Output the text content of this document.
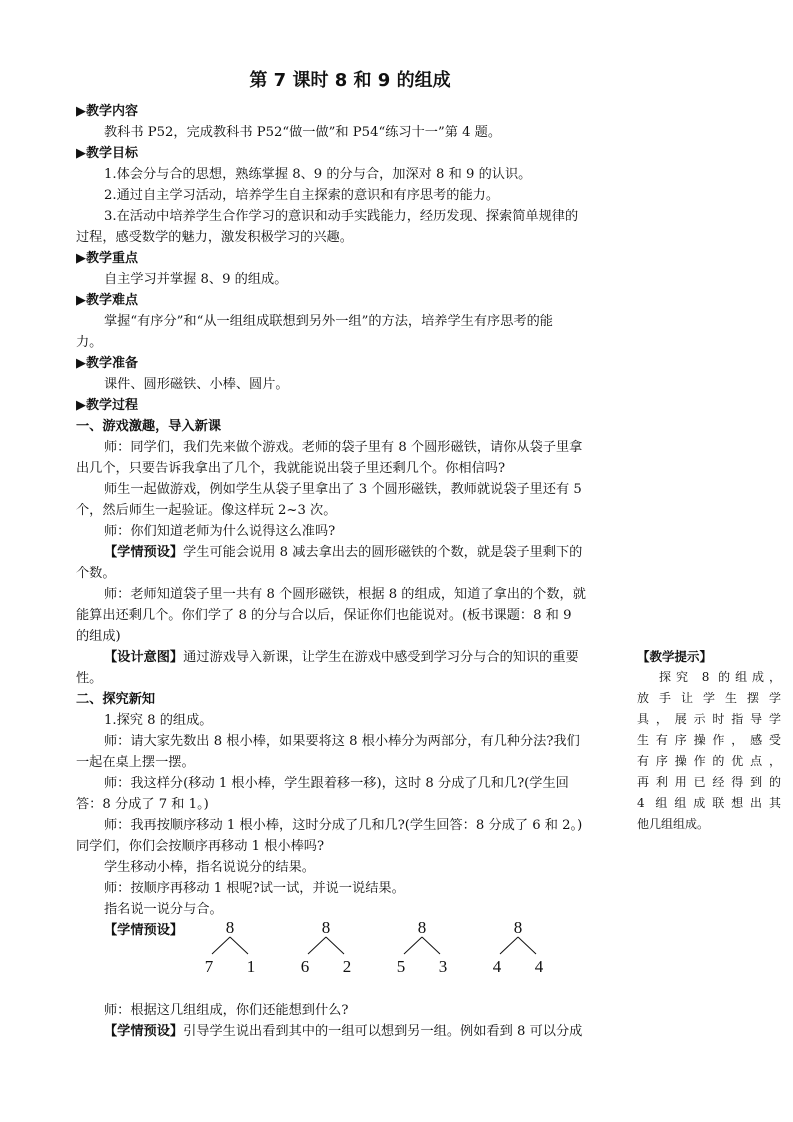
第 7 课时 8 和 9 的组成
▶教学内容
教科书 P52，完成教科书 P52“做一做”和 P54“练习十一”第 4 题。
▶教学目标
1.体会分与合的思想，熟练掌握 8、9 的分与合，加深对 8 和 9 的认识。
2.通过自主学习活动，培养学生自主探索的意识和有序思考的能力。
3.在活动中培养学生合作学习的意识和动手实践能力，经历发现、探索简单规律的
过程，感受数学的魅力，激发积极学习的兴趣。
▶教学重点
自主学习并掌握 8、9 的组成。
▶教学难点
掌握“有序分”和“从一组组成联想到另外一组”的方法，培养学生有序思考的能
力。
▶教学准备
课件、圆形磁铁、小棒、圆片。
▶教学过程
一、游戏激趣，导入新课
师：同学们，我们先来做个游戏。老师的袋子里有 8 个圆形磁铁，请你从袋子里拿
出几个，只要告诉我拿出了几个，我就能说出袋子里还剩几个。你相信吗?
师生一起做游戏，例如学生从袋子里拿出了 3 个圆形磁铁，教师就说袋子里还有 5
个，然后师生一起验证。像这样玩 2~3 次。
师：你们知道老师为什么说得这么准吗?
【学情预设】学生可能会说用 8 减去拿出去的圆形磁铁的个数，就是袋子里剩下的
个数。
师：老师知道袋子里一共有 8 个圆形磁铁，根据 8 的组成，知道了拿出的个数，就
能算出还剩几个。你们学了 8 的分与合以后，保证你们也能说对。(板书课题：8 和 9
的组成)
【设计意图】通过游戏导入新课，让学生在游戏中感受到学习分与合的知识的重要
性。
二、探究新知
1.探究 8 的组成。
师：请大家先数出 8 根小棒，如果要将这 8 根小棒分为两部分，有几种分法?我们
一起在桌上摆一摆。
师：我这样分(移动 1 根小棒，学生跟着移一移)，这时 8 分成了几和几?(学生回
答：8 分成了 7 和 1。)
师：我再按顺序移动 1 根小棒，这时分成了几和几?(学生回答：8 分成了 6 和 2。)
同学们，你们会按顺序再移动 1 根小棒吗?
学生移动小棒，指名说说分的结果。
师：按顺序再移动 1 根呢?试一试，并说一说结果。
指名说一说分与合。
【学情预设】
师：根据这几组组成，你们还能想到什么?
【学情预设】引导学生说出看到其中的一组可以想到另一组。例如看到 8 可以分成
8
7 1
8
6 2
8
5 3
8
4 4
【教学提示】
探究 8 的组成，
放手让学生摆学
具，展示时指导学
生有序操作，感受
有序操作的优点，
再利用已经得到的
4 组组成联想出其
他几组组成。
